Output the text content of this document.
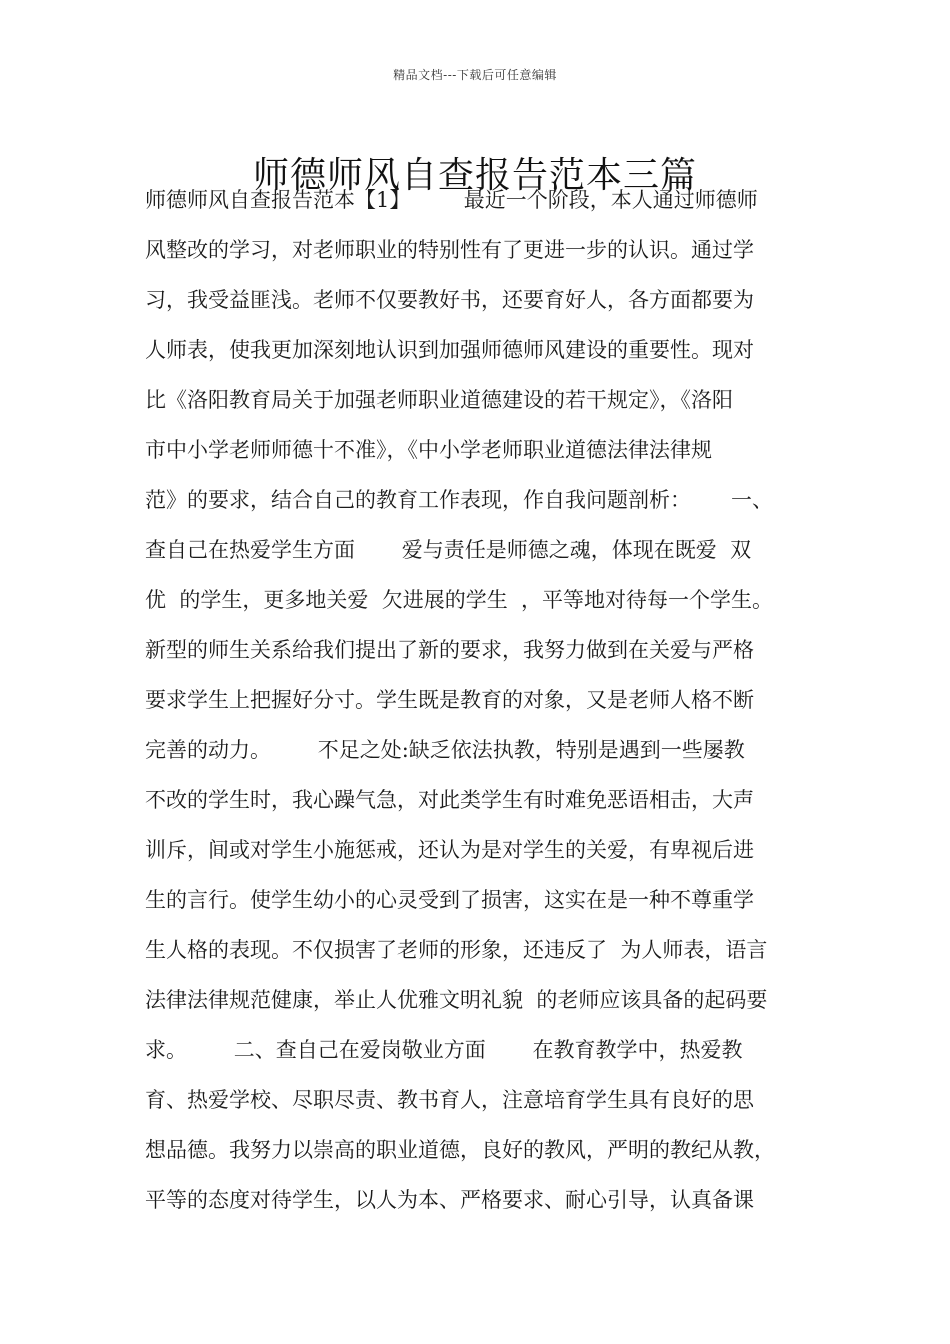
精品文档---下载后可任意编辑
师德师风自查报告范本三篇
师德师风自查报告范本【1】        最近一个阶段，本人通过师德师
风整改的学习，对老师职业的特别性有了更进一步的认识。通过学
习，我受益匪浅。老师不仅要教好书，还要育好人，各方面都要为
人师表，使我更加深刻地认识到加强师德师风建设的重要性。现对
比《洛阳教育局关于加强老师职业道德建设的若干规定》，《洛阳
市中小学老师师德十不准》，《中小学老师职业道德法律法律规
范》的要求，结合自己的教育工作表现，作自我问题剖析：      一、
查自己在热爱学生方面       爱与责任是师德之魂，体现在既爱  双
优  的学生，更多地关爱  欠进展的学生  ，平等地对待每一个学生。
新型的师生关系给我们提出了新的要求，我努力做到在关爱与严格
要求学生上把握好分寸。学生既是教育的对象，又是老师人格不断
完善的动力。       不足之处:缺乏依法执教，特别是遇到一些屡教
不改的学生时，我心躁气急，对此类学生有时难免恶语相击，大声
训斥，间或对学生小施惩戒，还认为是对学生的关爱，有卑视后进
生的言行。使学生幼小的心灵受到了损害，这实在是一种不尊重学
生人格的表现。不仅损害了老师的形象，还违反了  为人师表，语言
法律法律规范健康，举止人优雅文明礼貌  的老师应该具备的起码要
求。       二、查自己在爱岗敬业方面       在教育教学中，热爱教
育、热爱学校、尽职尽责、教书育人，注意培育学生具有良好的思
想品德。我努力以崇高的职业道德，良好的教风，严明的教纪从教，
平等的态度对待学生，以人为本、严格要求、耐心引导，认真备课
